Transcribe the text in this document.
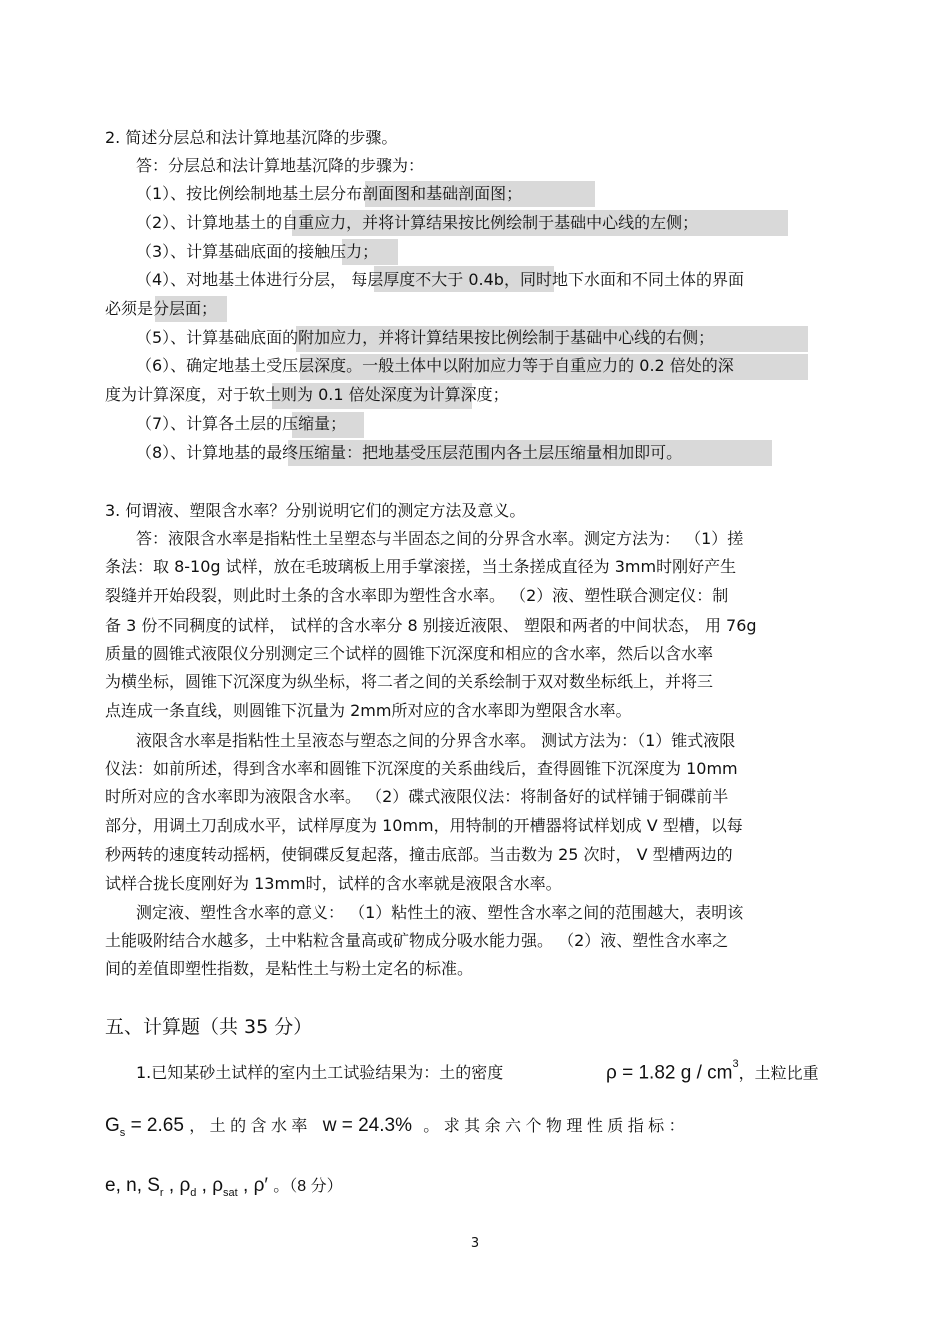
2. 简述分层总和法计算地基沉降的步骤。
答：分层总和法计算地基沉降的步骤为：
（1）、按比例绘制地基土层分布剖面图和基础剖面图；
（2）、计算地基土的自重应力，并将计算结果按比例绘制于基础中心线的左侧；
（3）、计算基础底面的接触压力；
（4）、对地基土体进行分层， 每层厚度不大于 0.4b，同时地下水面和不同土体的界面
必须是分层面；
（5）、计算基础底面的附加应力，并将计算结果按比例绘制于基础中心线的右侧；
（6）、确定地基土受压层深度。一般土体中以附加应力等于自重应力的 0.2 倍处的深
度为计算深度，对于软土则为 0.1 倍处深度为计算深度；
（7）、计算各土层的压缩量；
（8）、计算地基的最终压缩量：把地基受压层范围内各土层压缩量相加即可。
3. 何谓液、塑限含水率？分别说明它们的测定方法及意义。
答：液限含水率是指粘性土呈塑态与半固态之间的分界含水率。测定方法为： （1）搓
条法：取 8-10g 试样，放在毛玻璃板上用手掌滚搓，当土条搓成直径为 3mm时刚好产生
裂缝并开始段裂，则此时土条的含水率即为塑性含水率。 （2）液、塑性联合测定仪：制
备 3 份不同稠度的试样， 试样的含水率分 8 别接近液限、 塑限和两者的中间状态， 用 76g
质量的圆锥式液限仪分别测定三个试样的圆锥下沉深度和相应的含水率，然后以含水率
为横坐标，圆锥下沉深度为纵坐标，将二者之间的关系绘制于双对数坐标纸上，并将三
点连成一条直线，则圆锥下沉量为 2mm所对应的含水率即为塑限含水率。
液限含水率是指粘性土呈液态与塑态之间的分界含水率。 测试方法为：（1）锥式液限
仪法：如前所述，得到含水率和圆锥下沉深度的关系曲线后，查得圆锥下沉深度为 10mm
时所对应的含水率即为液限含水率。 （2）碟式液限仪法：将制备好的试样铺于铜碟前半
部分，用调土刀刮成水平，试样厚度为 10mm，用特制的开槽器将试样划成 V 型槽，以每
秒两转的速度转动摇柄，使铜碟反复起落，撞击底部。当击数为 25 次时， V 型槽两边的
试样合拢长度刚好为 13mm时，试样的含水率就是液限含水率。
测定液、塑性含水率的意义： （1）粘性土的液、塑性含水率之间的范围越大，表明该
土能吸附结合水越多，土中粘粒含量高或矿物成分吸水能力强。 （2）液、塑性含水率之
间的差值即塑性指数，是粘性土与粉土定名的标准。
五、计算题（共 35 分）
1.已知某砂土试样的室内土工试验结果为：土的密度	ρ = 1.82 g / $cm^3$，土粒比重
$G_s = 2.65$ ， 土 的 含 水 率 w = 24.3% 。 求 其 余 六 个 物 理 性 质 指 标 ：
e, n, $S_r$ , $\rho_d$ , $\rho_{sat}$ , ρ′ 。（8 分）
3
